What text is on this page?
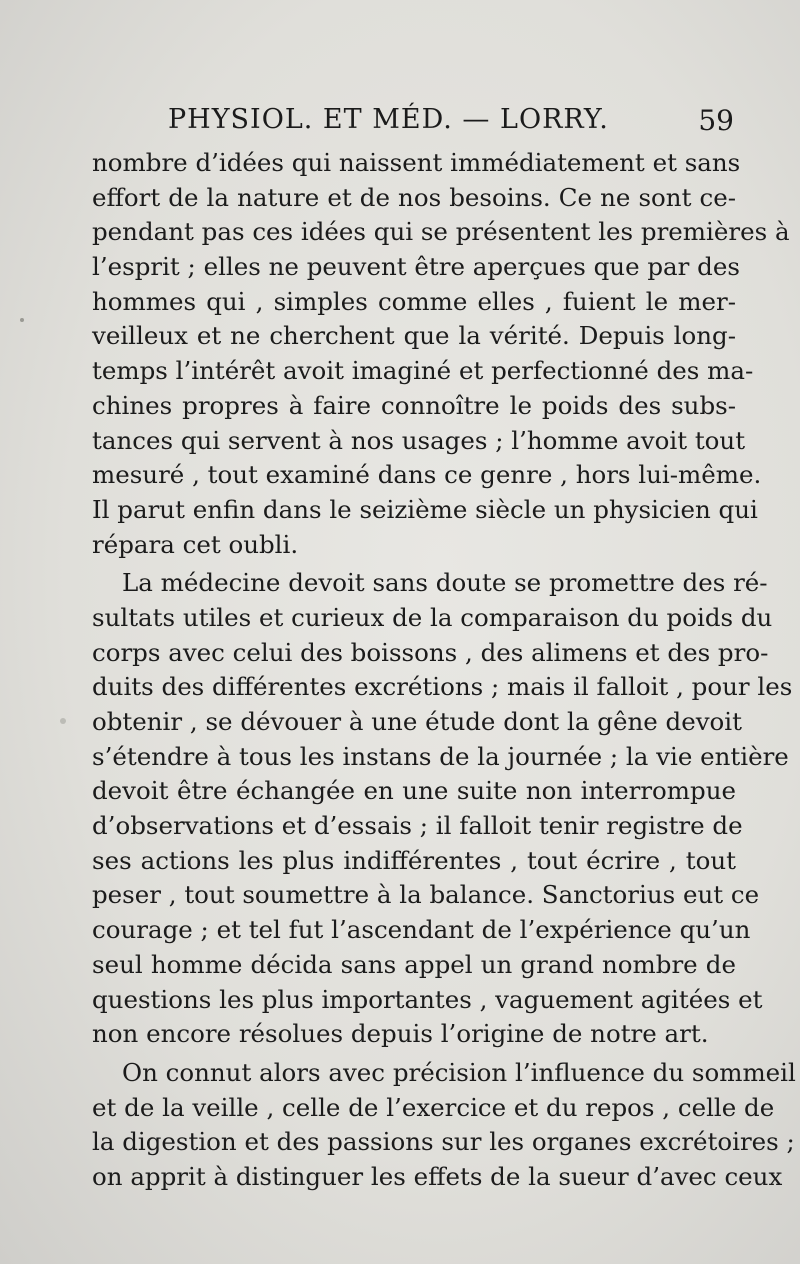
PHYSIOL. ET MÉD. — LORRY.	59
nombre d’idées qui naissent immédiatement et sans
effort de la nature et de nos besoins. Ce ne sont ce-
pendant pas ces idées qui se présentent les premières à
l’esprit ; elles ne peuvent être aperçues que par des
hommes qui , simples comme elles , fuient le mer-
veilleux et ne cherchent que la vérité. Depuis long-
temps l’intérêt avoit imaginé et perfectionné des ma-
chines propres à faire connoître le poids des subs-
tances qui servent à nos usages ; l’homme avoit tout
mesuré , tout examiné dans ce genre , hors lui-même.
Il parut enfin dans le seizième siècle un physicien qui
répara cet oubli.
La médecine devoit sans doute se promettre des ré-
sultats utiles et curieux de la comparaison du poids du
corps avec celui des boissons , des alimens et des pro-
duits des différentes excrétions ; mais il falloit , pour les
obtenir , se dévouer à une étude dont la gêne devoit
s’étendre à tous les instans de la journée ; la vie entière
devoit être échangée en une suite non interrompue
d’observations et d’essais ; il falloit tenir registre de
ses actions les plus indifférentes , tout écrire , tout
peser , tout soumettre à la balance. Sanctorius eut ce
courage ; et tel fut l’ascendant de l’expérience qu’un
seul homme décida sans appel un grand nombre de
questions les plus importantes , vaguement agitées et
non encore résolues depuis l’origine de notre art.
On connut alors avec précision l’influence du sommeil
et de la veille , celle de l’exercice et du repos , celle de
la digestion et des passions sur les organes excrétoires ;
on apprit à distinguer les effets de la sueur d’avec ceux
